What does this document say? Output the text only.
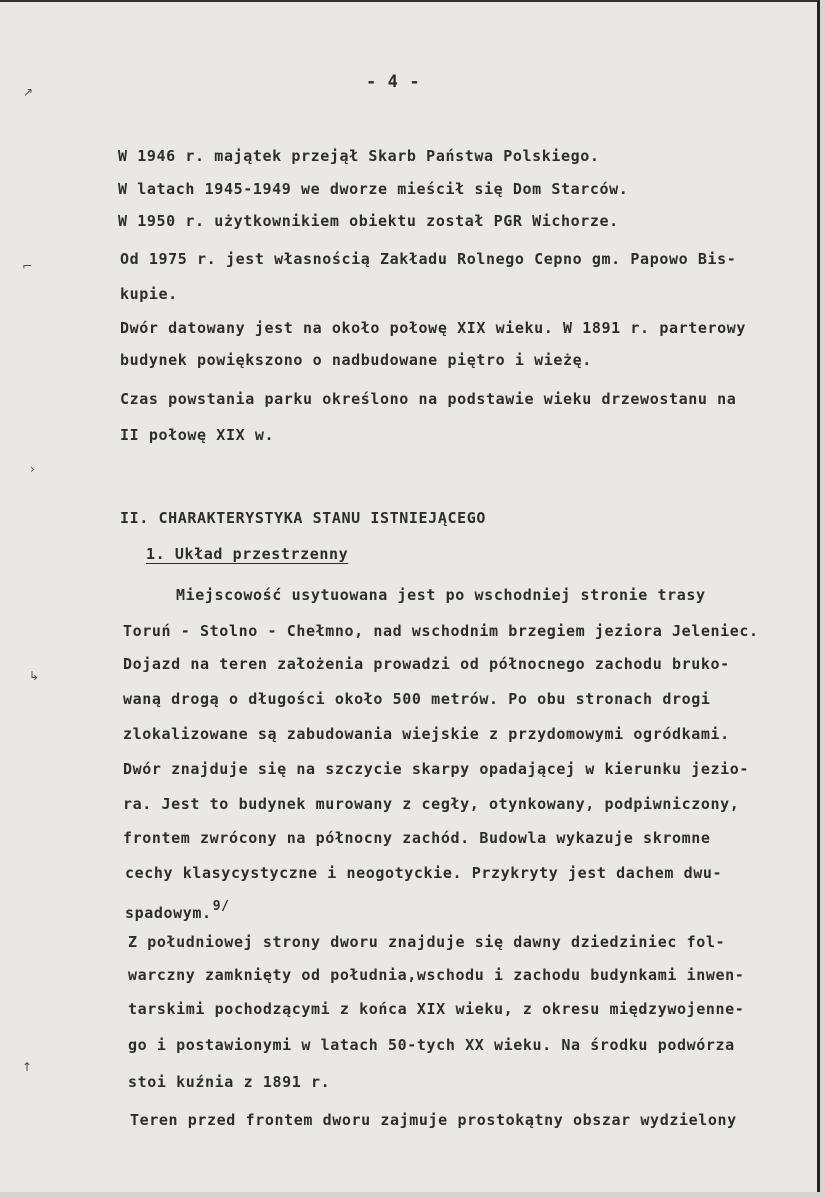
- 4 -
W 1946 r. majątek przejął Skarb Państwa Polskiego.
W latach 1945-1949 we dworze mieścił się Dom Starców.
W 1950 r. użytkownikiem obiektu został PGR Wichorze.
Od 1975 r. jest własnością Zakładu Rolnego Cepno gm. Papowo Bis-
kupie.
Dwór datowany jest na około połowę XIX wieku. W 1891 r. parterowy
budynek powiększono o nadbudowane piętro i wieżę.
Czas powstania parku określono na podstawie wieku drzewostanu na
II połowę XIX w.
II. CHARAKTERYSTYKA STANU ISTNIEJĄCEGO
1. Układ przestrzenny
Miejscowość usytuowana jest po wschodniej stronie trasy
Toruń - Stolno - Chełmno, nad wschodnim brzegiem jeziora Jeleniec.
Dojazd na teren założenia prowadzi od północnego zachodu bruko-
waną drogą o długości około 500 metrów. Po obu stronach drogi
zlokalizowane są zabudowania wiejskie z przydomowymi ogródkami.
Dwór znajduje się na szczycie skarpy opadającej w kierunku jezio-
ra. Jest to budynek murowany z cegły, otynkowany, podpiwniczony,
frontem zwrócony na północny zachód. Budowla wykazuje skromne
cechy klasycystyczne i neogotyckie. Przykryty jest dachem dwu-
spadowym.9/
Z południowej strony dworu znajduje się dawny dziedziniec fol-
warczny zamknięty od południa,wschodu i zachodu budynkami inwen-
tarskimi pochodzącymi z końca XIX wieku, z okresu międzywojenne-
go i postawionymi w latach 50-tych XX wieku. Na środku podwórza
stoi kuźnia z 1891 r.
Teren przed frontem dworu zajmuje prostokątny obszar wydzielony
↗
⌐
›
↳
↑
